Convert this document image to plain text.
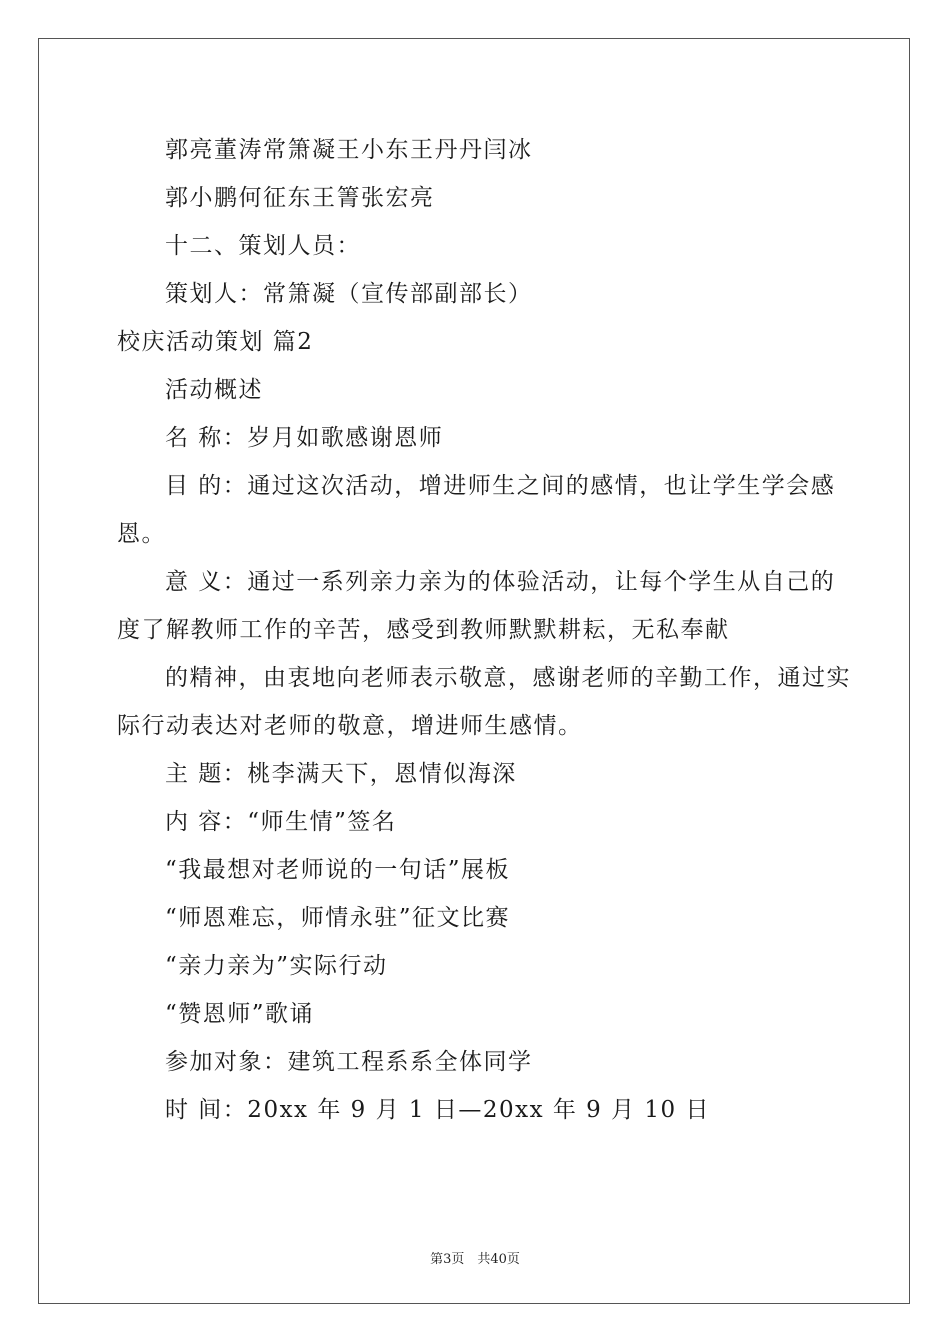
郭亮董涛常箫凝王小东王丹丹闫冰
郭小鹏何征东王箐张宏亮
十二、策划人员：
策划人：常箫凝（宣传部副部长）
校庆活动策划 篇2
活动概述
名 称：岁月如歌感谢恩师
目 的：通过这次活动，增进师生之间的感情，也让学生学会感
恩。
意 义：通过一系列亲力亲为的体验活动，让每个学生从自己的
度了解教师工作的辛苦，感受到教师默默耕耘，无私奉献
的精神，由衷地向老师表示敬意，感谢老师的辛勤工作，通过实
际行动表达对老师的敬意，增进师生感情。
主 题：桃李满天下，恩情似海深
内 容：“师生情”签名
“我最想对老师说的一句话”展板
“师恩难忘，师情永驻”征文比赛
“亲力亲为”实际行动
“赞恩师”歌诵
参加对象：建筑工程系系全体同学
时 间：20xx 年 9 月 1 日—20xx 年 9 月 10 日
第3页　共40页
